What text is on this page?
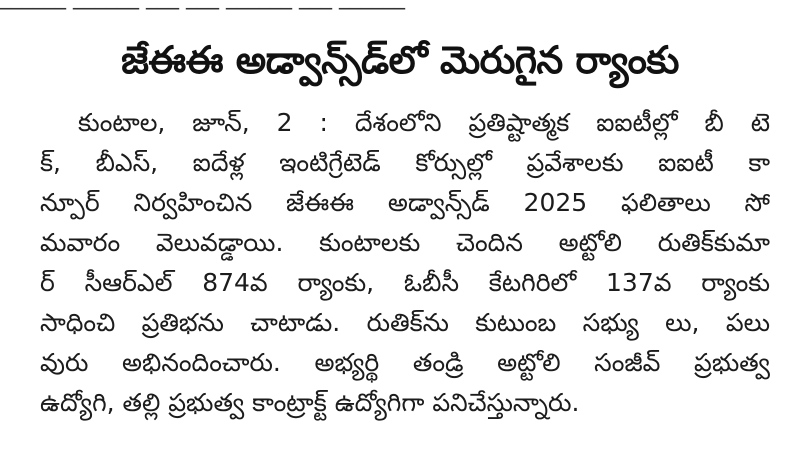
జేఈఈ అడ్వాన్స్‌డ్‌లో మెరుగైన ర్యాంకు
కుంటాల, జూన్, 2 : దేశంలోని ప్రతిష్టాత్మక ఐఐటీల్లో బీ టె
క్, బీఎస్, ఐదేళ్ల ఇంటిగ్రేటెడ్ కోర్సుల్లో ప్రవేశాలకు ఐఐటీ కా
న్పూర్ నిర్వహించిన జేఈఈ అడ్వాన్స్‌డ్ 2025 ఫలితాలు సో
మవారం వెలువడ్డాయి. కుంటాలకు చెందిన అట్టోలి రుతిక్‌కుమా
ర్ సీఆర్‌ఎల్ 874వ ర్యాంకు, ఓబీసీ కేటగిరిలో 137వ ర్యాంకు
సాధించి ప్రతిభను చాటాడు. రుతిక్‌ను కుటుంబ సభ్యు లు, పలు
వురు అభినందించారు. అభ్యర్థి తండ్రి అట్టోలి సంజీవ్ ప్రభుత్వ
ఉద్యోగి, తల్లి ప్రభుత్వ కాంట్రాక్ట్ ఉద్యోగిగా పనిచేస్తున్నారు.
